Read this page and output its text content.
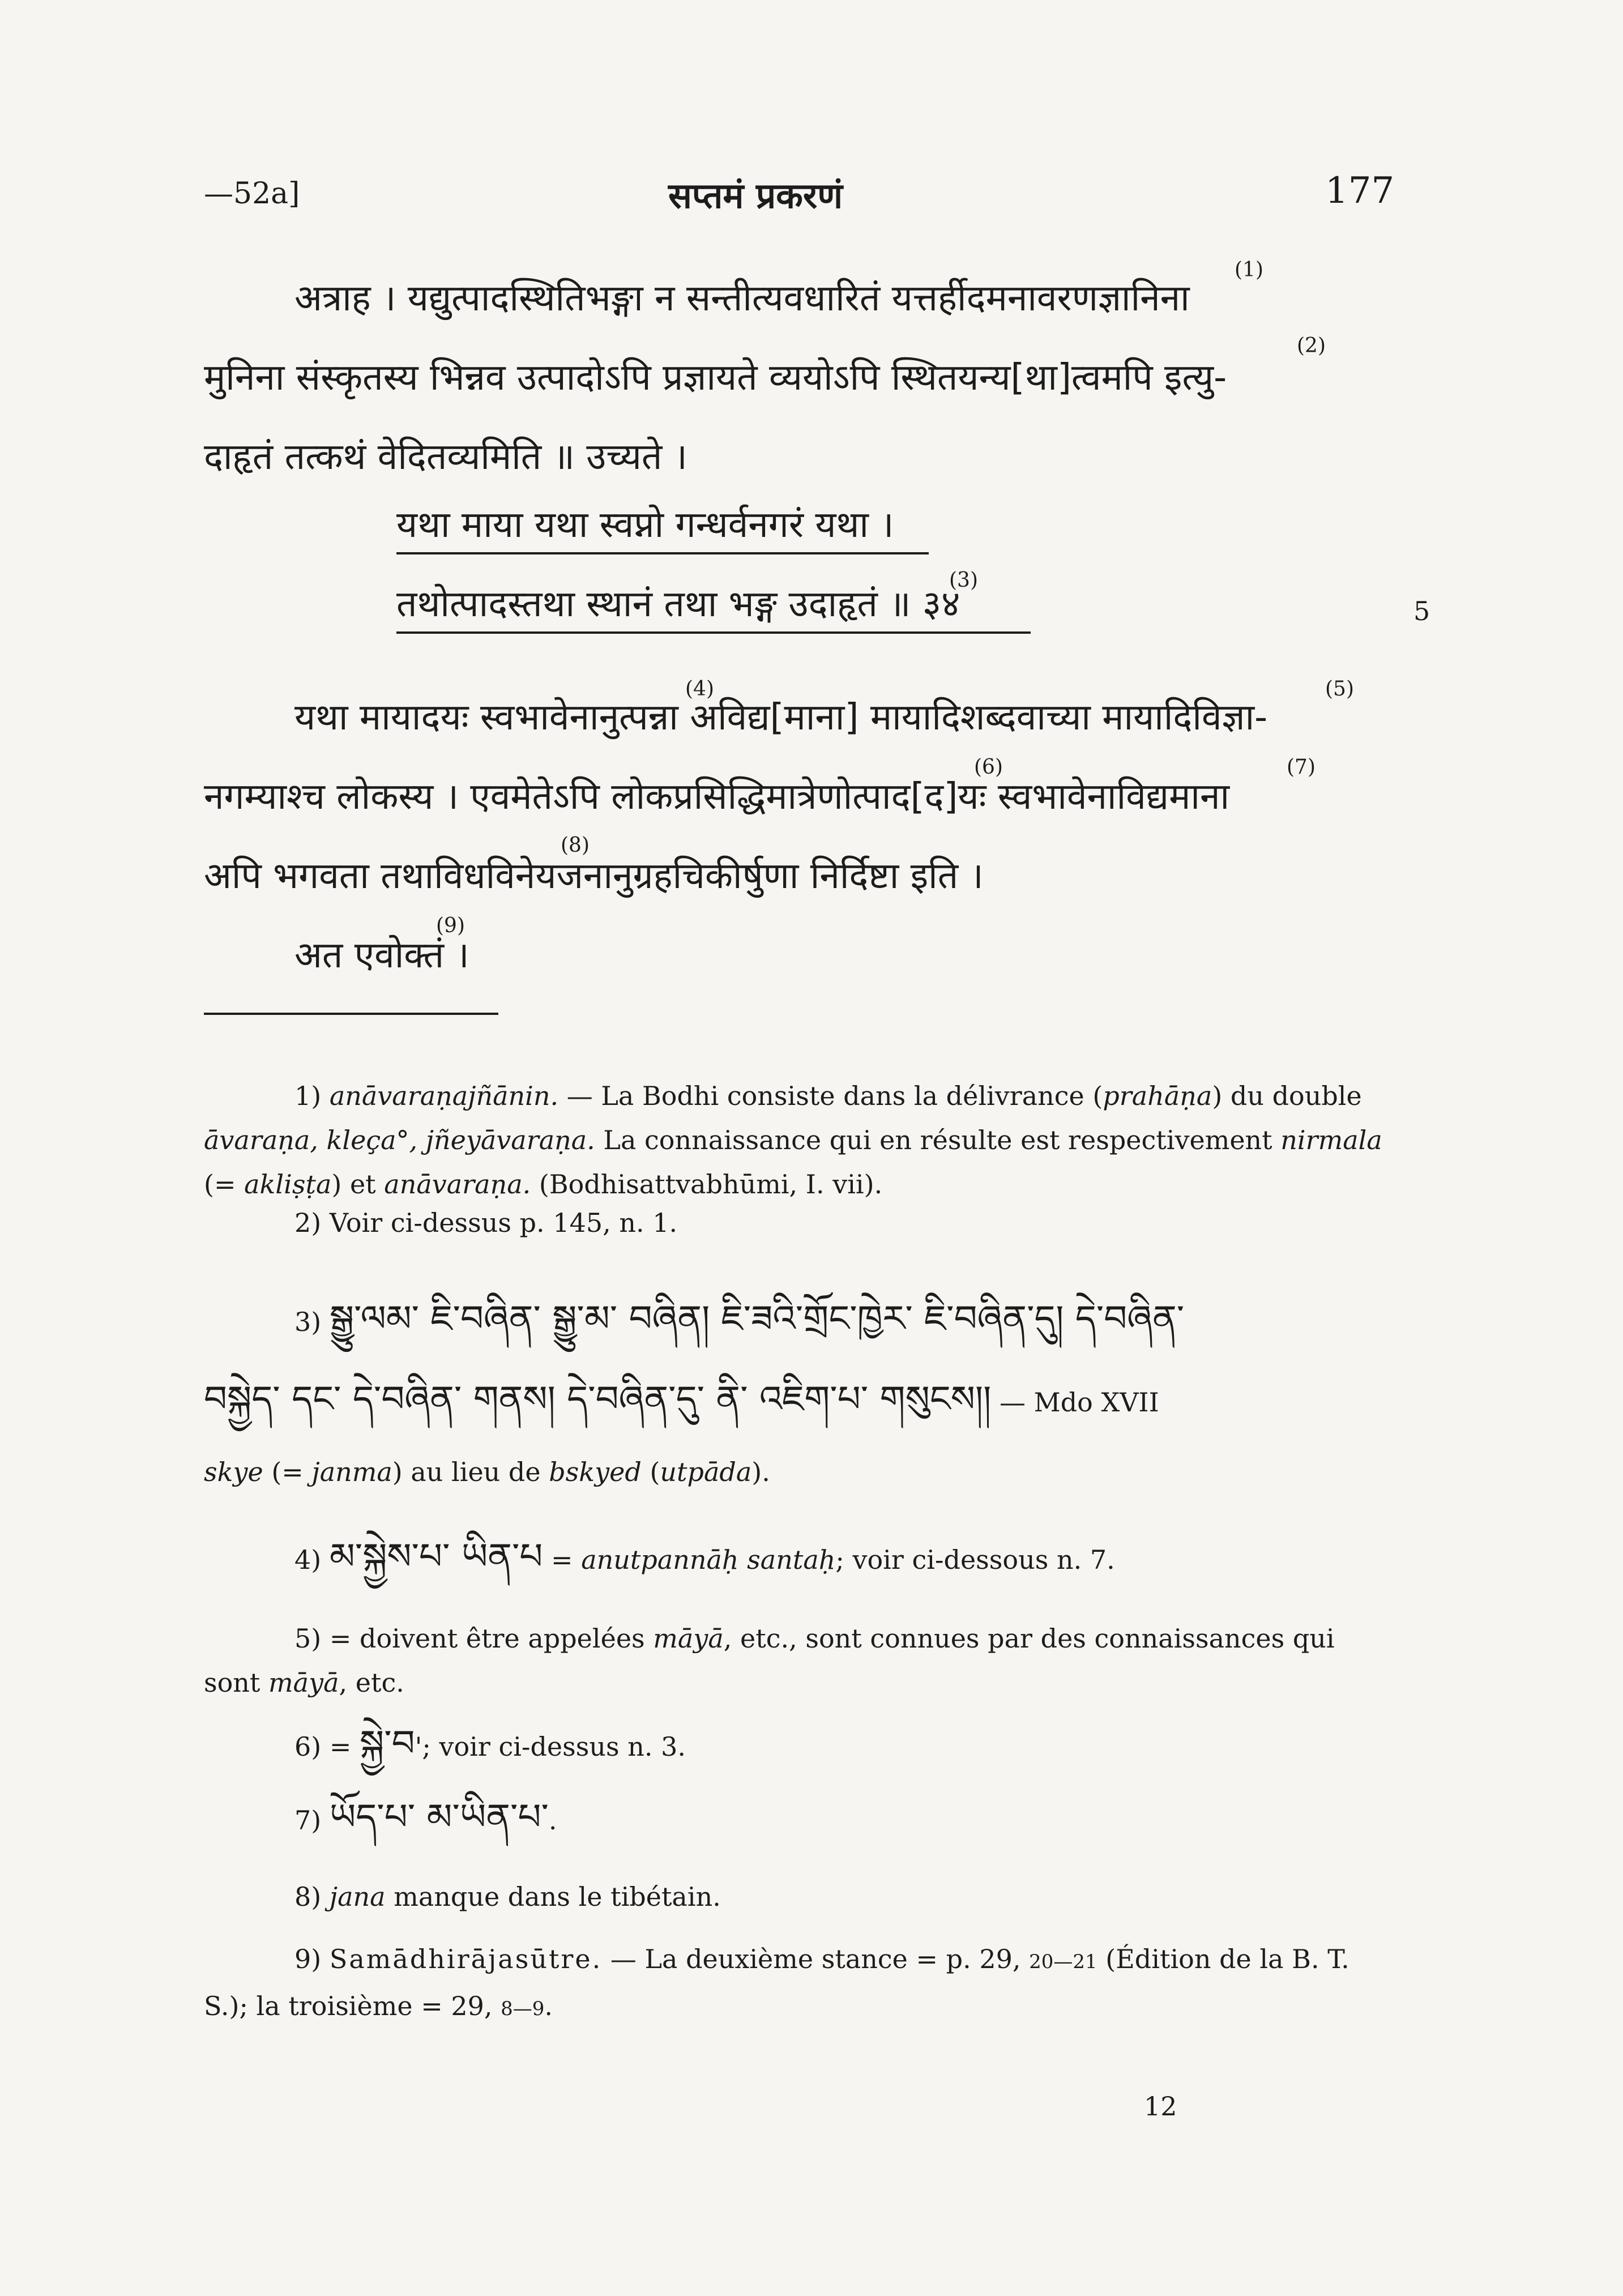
—52a]	सप्तमं प्रकरणं	177
अत्राह । यद्युत्पादस्थितिभङ्गा न सन्तीत्यवधारितं यत्तर्हीदमनावरणज्ञानिना
मुनिना संस्कृतस्य भिन्नव उत्पादोऽपि प्रज्ञायते व्ययोऽपि स्थितयन्य[था]त्वमपि इत्यु-
दाहृतं तत्कथं वेदितव्यमिति ॥ उच्यते ।
(1)
(2)
यथा माया यथा स्वप्नो गन्धर्वनगरं यथा ।
तथोत्पादस्तथा स्थानं तथा भङ्ग उदाहृतं ॥ ३४
(3)
5
यथा मायादयः स्वभावेनानुत्पन्ना अविद्य[माना] मायादिशब्दवाच्या मायादिविज्ञा-
नगम्याश्च लोकस्य । एवमेतेऽपि लोकप्रसिद्धिमात्रेणोत्पाद[द]यः स्वभावेनाविद्यमाना
अपि भगवता तथाविधविनेयजनानुग्रहचिकीर्षुणा निर्दिष्टा इति ।
(4)	(5)
(6)	(7)
(8)
अत एवोक्तं ।
(9)
1) anāvaraṇajñānin. — La Bodhi consiste dans la délivrance (prahāṇa) du double āvaraṇa, kleça°, jñeyāvaraṇa. La connaissance qui en résulte est respectivement nirmala (= akliṣṭa) et anāvaraṇa. (Bodhisattvabhūmi, I. vii).
2) Voir ci-dessus p. 145, n. 1.
3) སྒྱུ་ལམ་ ཇི་བཞིན་ སྒྱུ་མ་ བཞིན། ཇི་ཟའི་གྲོང་ཁྱེར་ ཇི་བཞིན་དུ། དེ་བཞིན་
བསྐྱེད་ དང་ དེ་བཞིན་ གནས། དེ་བཞིན་དུ་ ནི་ འཇིག་པ་ གསུངས།། — Mdo XVII
skye (= janma) au lieu de bskyed (utpāda).
4) མ་སྐྱེས་པ་ ཡིན་པ = anutpannāḥ santaḥ; voir ci-dessous n. 7.
5) = doivent être appelées māyā, etc., sont connues par des connaissances qui sont māyā, etc.
6) = སྐྱེ་བ'; voir ci-dessus n. 3.
7) ཡོད་པ་ མ་ཡིན་པ་.
8) jana manque dans le tibétain.
9) Samādhirājasūtre. — La deuxième stance = p. 29, 20—21 (Édition de la B. T. S.); la troisième = 29, 8—9.
12
